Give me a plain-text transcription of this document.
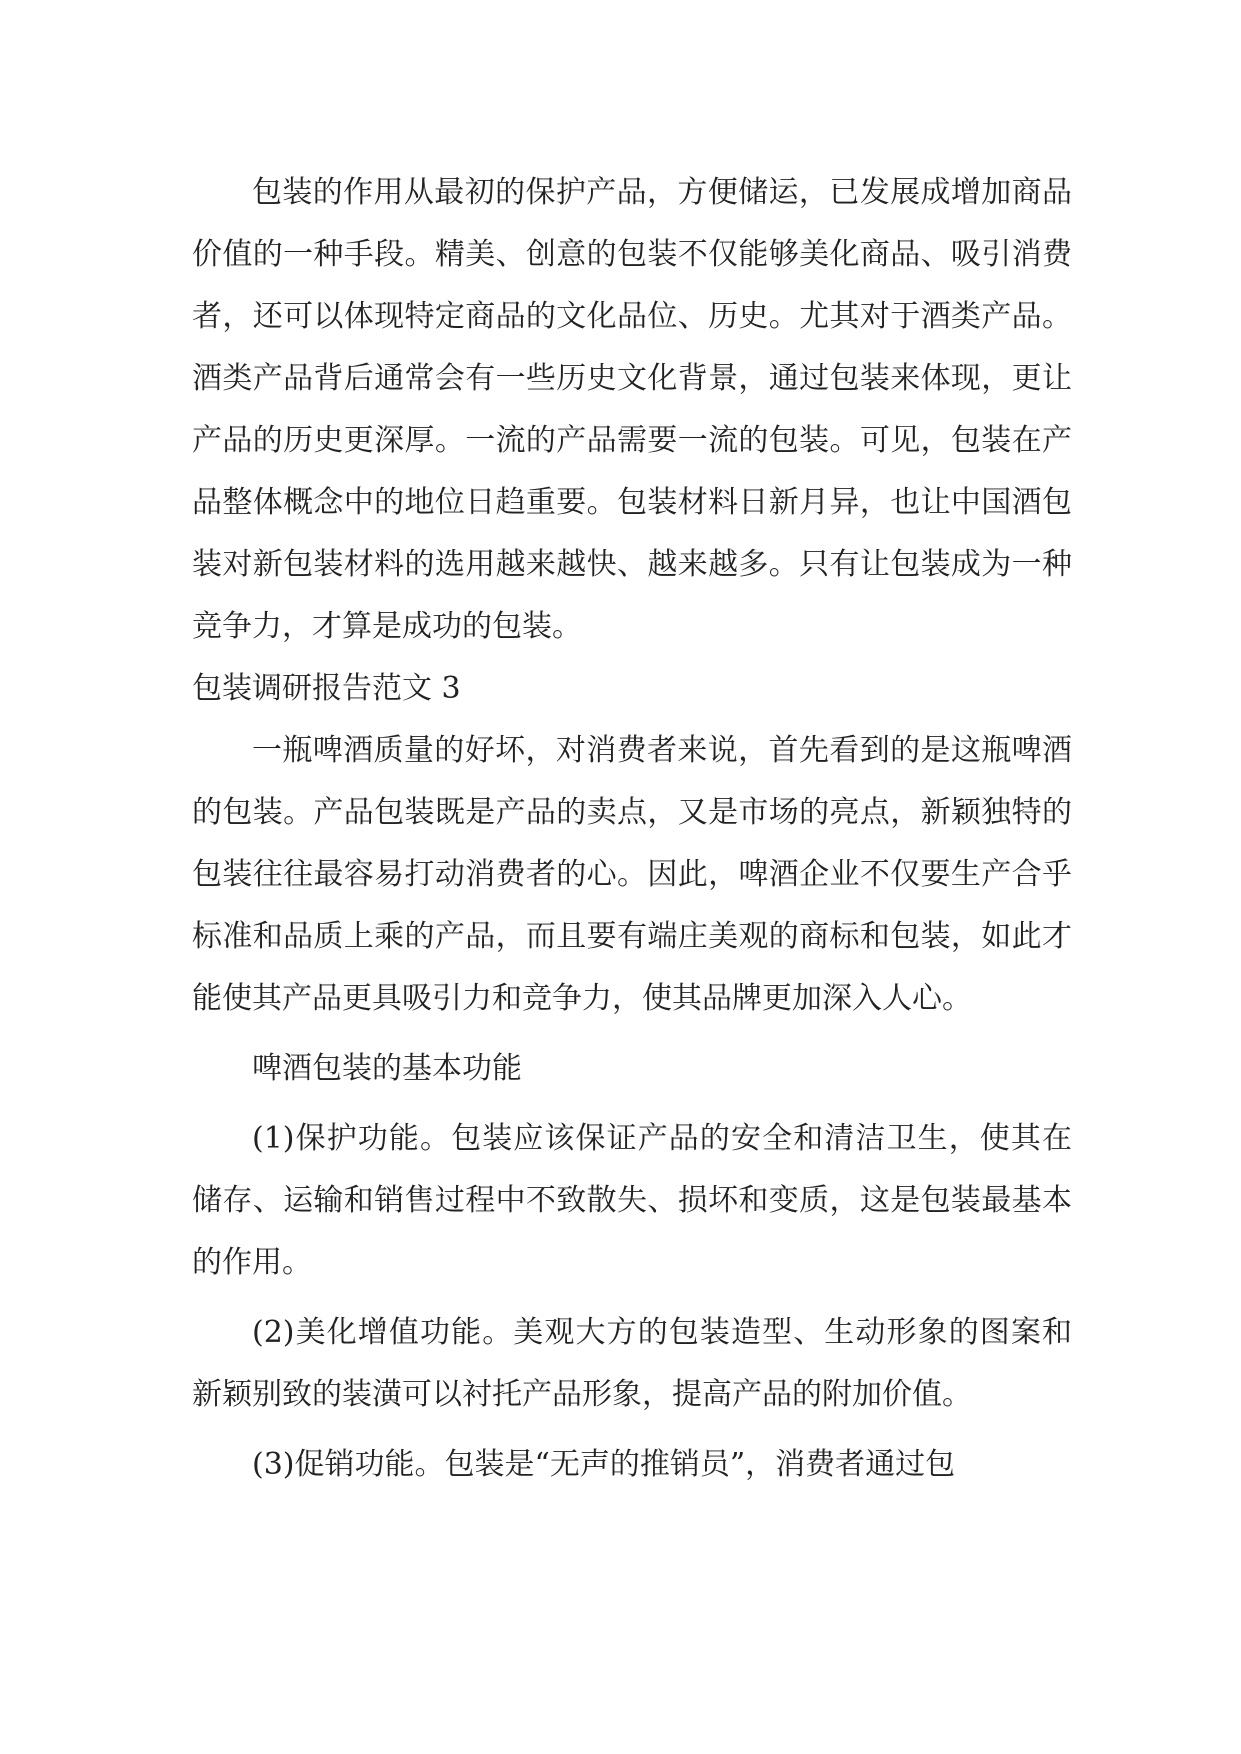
包装的作用从最初的保护产品，方便储运，已发展成增加商品价值的一种手段。精美、创意的包装不仅能够美化商品、吸引消费者，还可以体现特定商品的文化品位、历史。尤其对于酒类产品。酒类产品背后通常会有一些历史文化背景，通过包装来体现，更让产品的历史更深厚。一流的产品需要一流的包装。可见，包装在产品整体概念中的地位日趋重要。包装材料日新月异，也让中国酒包装对新包装材料的选用越来越快、越来越多。只有让包装成为一种竞争力，才算是成功的包装。

包装调研报告范文 3

一瓶啤酒质量的好坏，对消费者来说，首先看到的是这瓶啤酒的包装。产品包装既是产品的卖点，又是市场的亮点，新颖独特的包装往往最容易打动消费者的心。因此，啤酒企业不仅要生产合乎标准和品质上乘的产品，而且要有端庄美观的商标和包装，如此才能使其产品更具吸引力和竞争力，使其品牌更加深入人心。

啤酒包装的基本功能

(1)保护功能。包装应该保证产品的安全和清洁卫生，使其在储存、运输和销售过程中不致散失、损坏和变质，这是包装最基本的作用。

(2)美化增值功能。美观大方的包装造型、生动形象的图案和新颖别致的装潢可以衬托产品形象，提高产品的附加价值。

(3)促销功能。包装是“无声的推销员”，消费者通过包
